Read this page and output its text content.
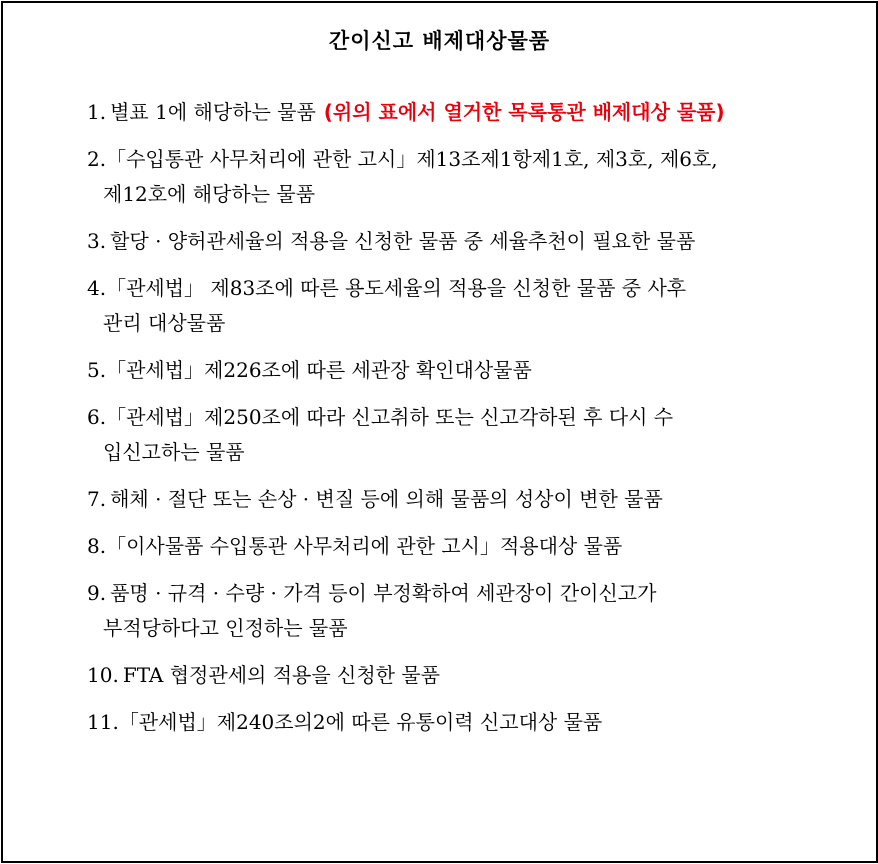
간이신고 배제대상물품
1. 별표 1에 해당하는 물품 (위의 표에서 열거한 목록통관 배제대상 물품)
2.「수입통관 사무처리에 관한 고시」제13조제1항제1호, 제3호, 제6호,
제12호에 해당하는 물품
3. 할당 · 양허관세율의 적용을 신청한 물품 중 세율추천이 필요한 물품
4.「관세법」 제83조에 따른 용도세율의 적용을 신청한 물품 중 사후
관리 대상물품
5.「관세법」제226조에 따른 세관장 확인대상물품
6.「관세법」제250조에 따라 신고취하 또는 신고각하된 후 다시 수
입신고하는 물품
7. 해체 · 절단 또는 손상 · 변질 등에 의해 물품의 성상이 변한 물품
8.「이사물품 수입통관 사무처리에 관한 고시」적용대상 물품
9. 품명 · 규격 · 수량 · 가격 등이 부정확하여 세관장이 간이신고가
부적당하다고 인정하는 물품
10. FTA 협정관세의 적용을 신청한 물품
11.「관세법」제240조의2에 따른 유통이력 신고대상 물품
